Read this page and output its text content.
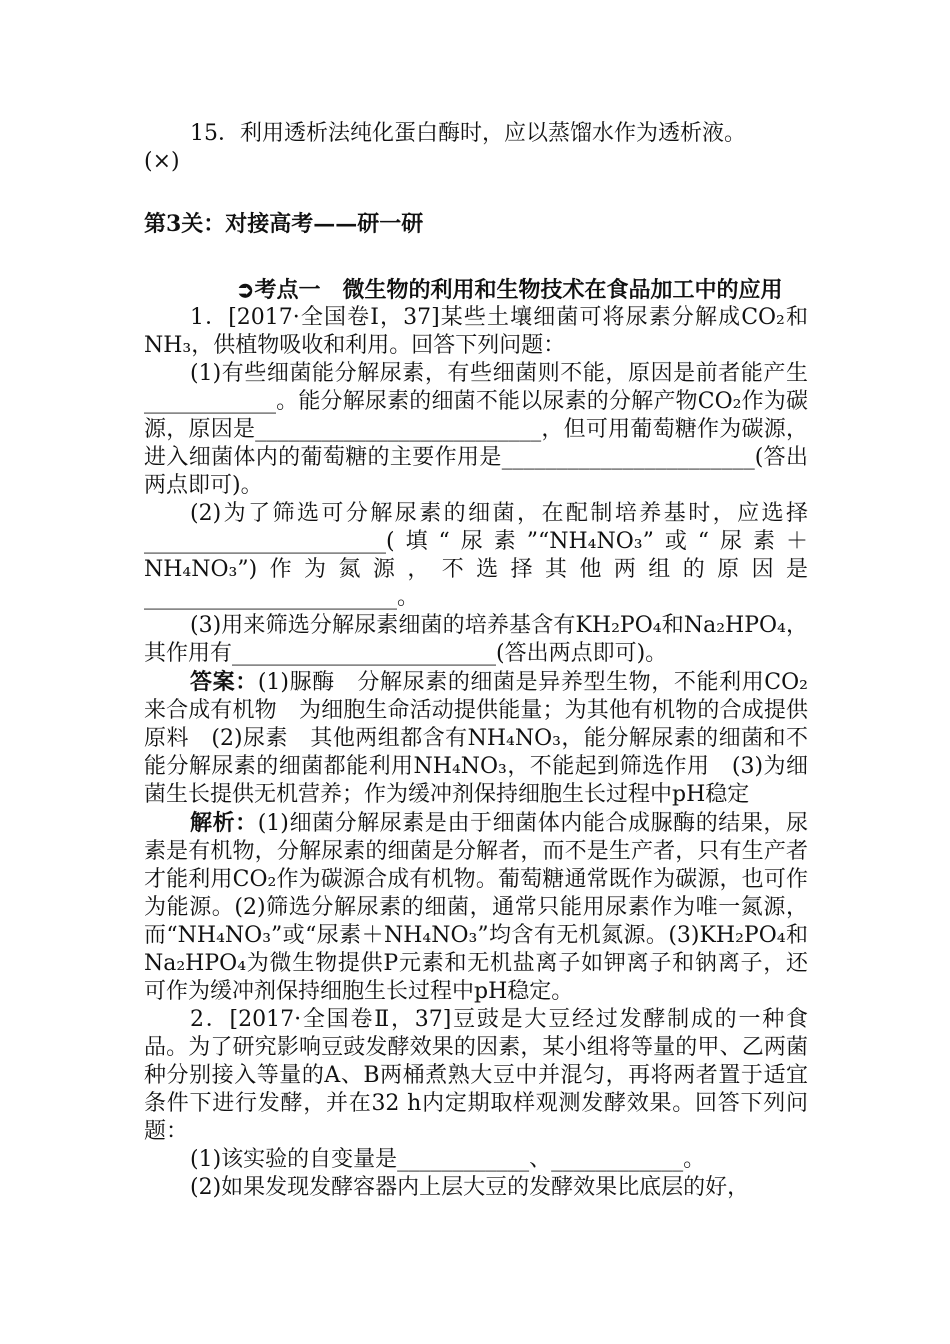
15．利用透析法纯化蛋白酶时，应以蒸馏水作为透析液。
(×)

第3关：对接高考——研一研

➲考点一　微生物的利用和生物技术在食品加工中的应用

1．[2017·全国卷Ⅰ，37]某些土壤细菌可将尿素分解成CO₂和NH₃，供植物吸收和利用。回答下列问题：

(1)有些细菌能分解尿素，有些细菌则不能，原因是前者能产生____________。能分解尿素的细菌不能以尿素的分解产物CO₂作为碳源，原因是__________________________，但可用葡萄糖作为碳源，进入细菌体内的葡萄糖的主要作用是_______________________(答出两点即可)。

(2)为了筛选可分解尿素的细菌，在配制培养基时，应选择______________________(填“尿素”“NH₄NO₃”或“尿素＋NH₄NO₃”)作为氮源，不选择其他两组的原因是_______________________。

(3)用来筛选分解尿素细菌的培养基含有KH₂PO₄和Na₂HPO₄，其作用有________________________(答出两点即可)。

答案：(1)脲酶　分解尿素的细菌是异养型生物，不能利用CO₂来合成有机物　为细胞生命活动提供能量；为其他有机物的合成提供原料　(2)尿素　其他两组都含有NH₄NO₃，能分解尿素的细菌和不能分解尿素的细菌都能利用NH₄NO₃，不能起到筛选作用　(3)为细菌生长提供无机营养；作为缓冲剂保持细胞生长过程中pH稳定

解析：(1)细菌分解尿素是由于细菌体内能合成脲酶的结果，尿素是有机物，分解尿素的细菌是分解者，而不是生产者，只有生产者才能利用CO₂作为碳源合成有机物。葡萄糖通常既作为碳源，也可作为能源。(2)筛选分解尿素的细菌，通常只能用尿素作为唯一氮源，而“NH₄NO₃”或“尿素＋NH₄NO₃”均含有无机氮源。(3)KH₂PO₄和Na₂HPO₄为微生物提供P元素和无机盐离子如钾离子和钠离子，还可作为缓冲剂保持细胞生长过程中pH稳定。

2．[2017·全国卷Ⅱ，37]豆豉是大豆经过发酵制成的一种食品。为了研究影响豆豉发酵效果的因素，某小组将等量的甲、乙两菌种分别接入等量的A、B两桶煮熟大豆中并混匀，再将两者置于适宜条件下进行发酵，并在32 h内定期取样观测发酵效果。回答下列问题：

(1)该实验的自变量是____________、____________。

(2)如果发现发酵容器内上层大豆的发酵效果比底层的好，
